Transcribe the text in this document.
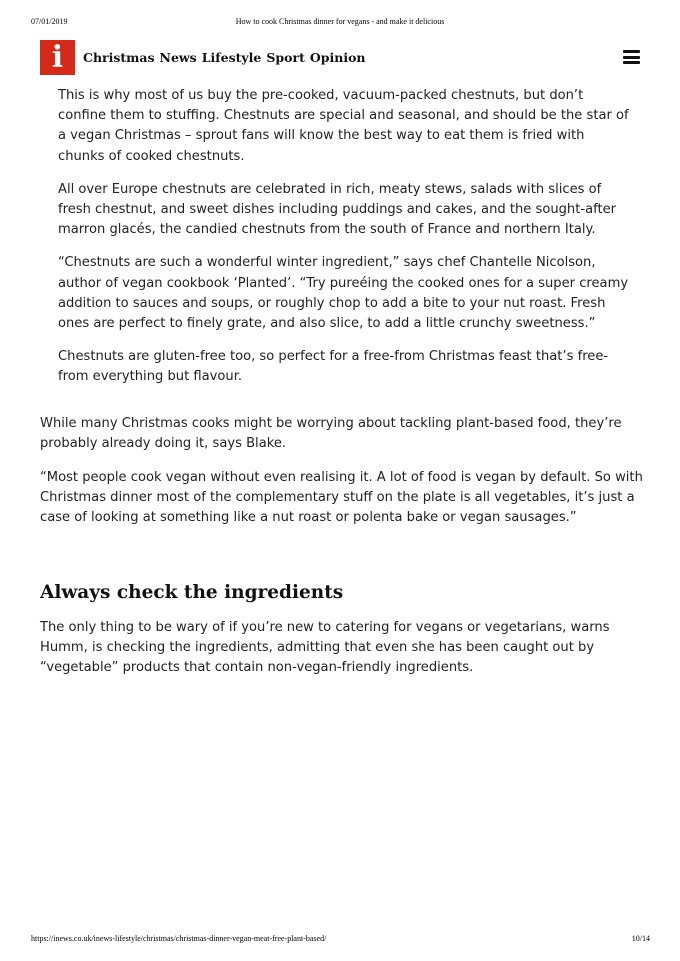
07/01/2019	How to cook Christmas dinner for vegans - and make it delicious
i	Christmas News Lifestyle Sport Opinion

This is why most of us buy the pre-cooked, vacuum-packed chestnuts, but don’t confine them to stuffing. Chestnuts are special and seasonal, and should be the star of a vegan Christmas – sprout fans will know the best way to eat them is fried with chunks of cooked chestnuts.

All over Europe chestnuts are celebrated in rich, meaty stews, salads with slices of fresh chestnut, and sweet dishes including puddings and cakes, and the sought-after marron glacés, the candied chestnuts from the south of France and northern Italy.

“Chestnuts are such a wonderful winter ingredient,” says chef Chantelle Nicolson, author of vegan cookbook ‘Planted’. “Try pureéing the cooked ones for a super creamy addition to sauces and soups, or roughly chop to add a bite to your nut roast. Fresh ones are perfect to finely grate, and also slice, to add a little crunchy sweetness.”

Chestnuts are gluten-free too, so perfect for a free-from Christmas feast that’s free-from everything but flavour.

While many Christmas cooks might be worrying about tackling plant-based food, they’re probably already doing it, says Blake.

“Most people cook vegan without even realising it. A lot of food is vegan by default. So with Christmas dinner most of the complementary stuff on the plate is all vegetables, it’s just a case of looking at something like a nut roast or polenta bake or vegan sausages.”

Always check the ingredients

The only thing to be wary of if you’re new to catering for vegans or vegetarians, warns Humm, is checking the ingredients, admitting that even she has been caught out by “vegetable” products that contain non-vegan-friendly ingredients.

https://inews.co.uk/inews-lifestyle/christmas/christmas-dinner-vegan-meat-free-plant-based/	10/14
